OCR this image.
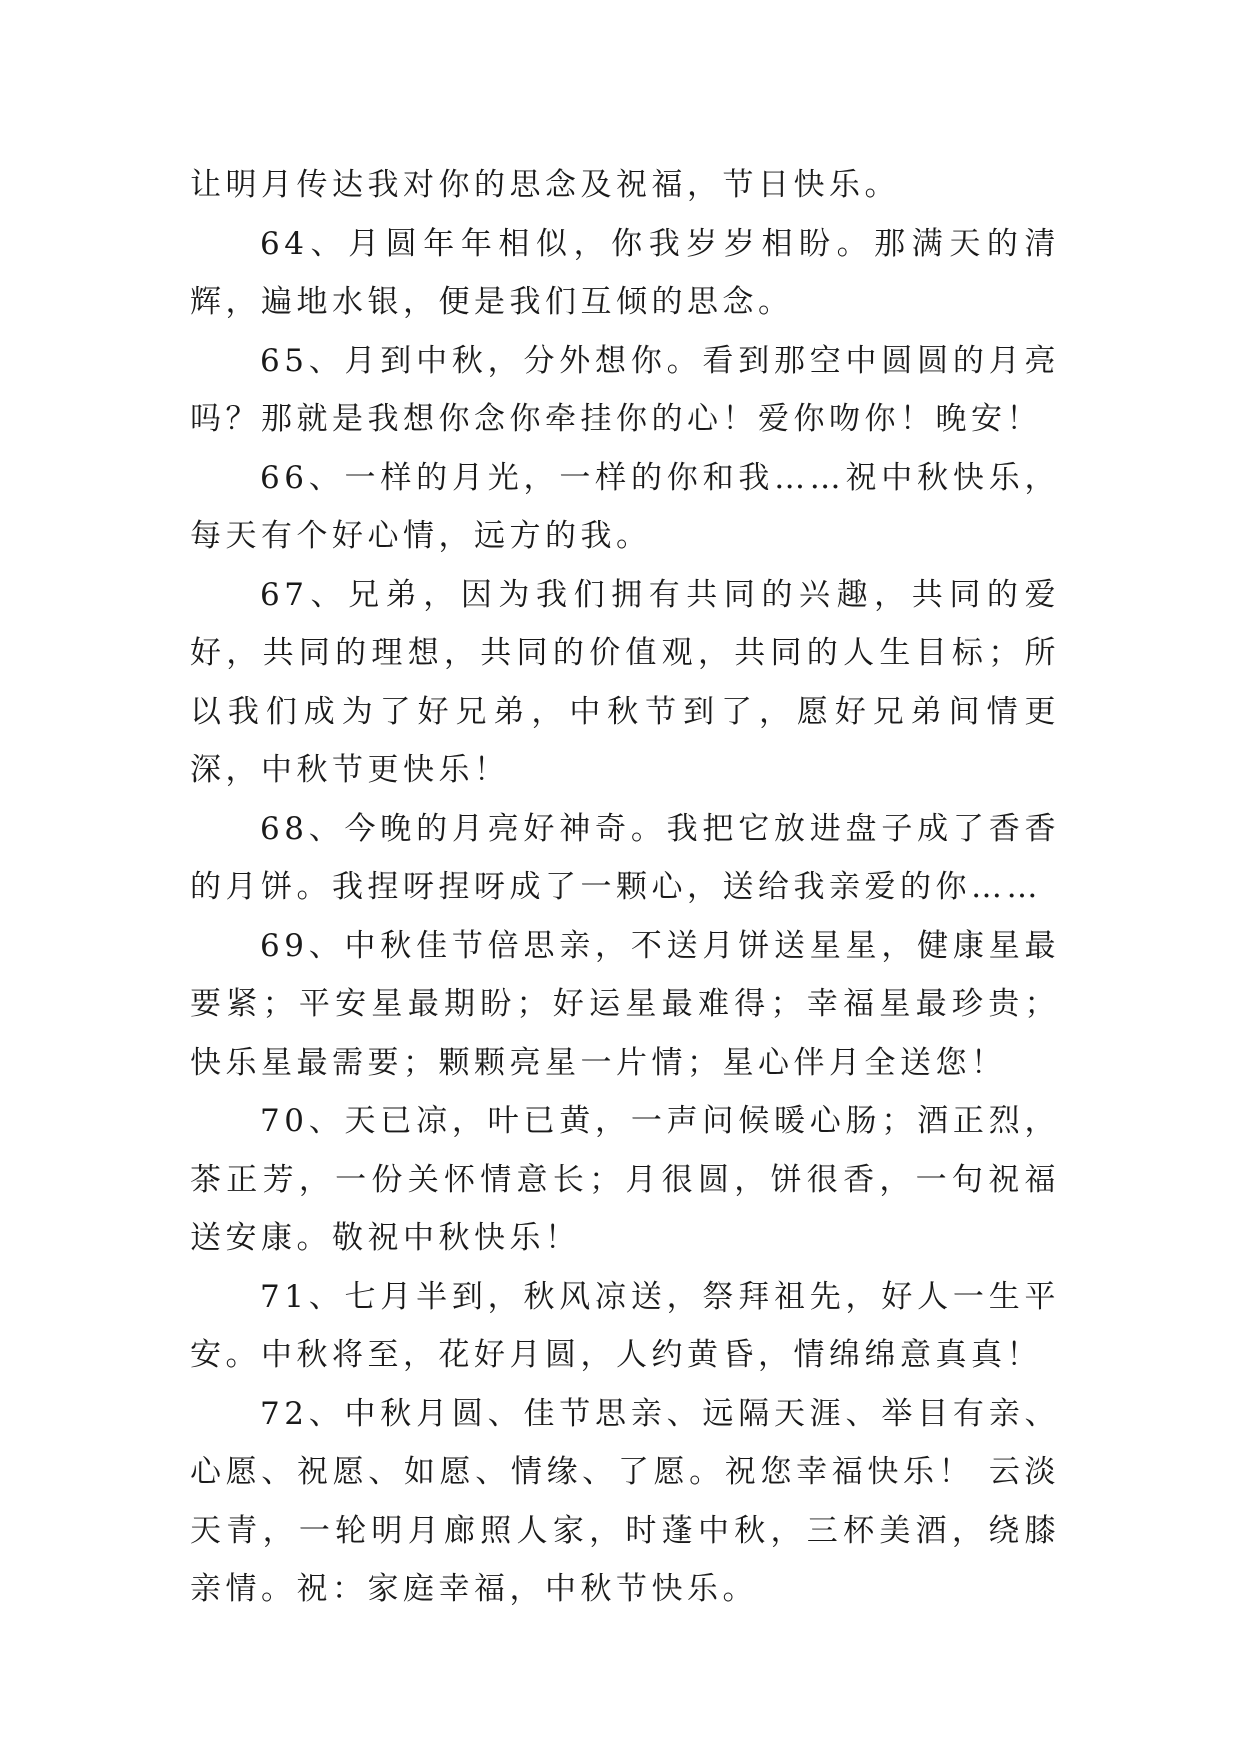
让明月传达我对你的思念及祝福，节日快乐。

64、月圆年年相似，你我岁岁相盼。那满天的清辉，遍地水银，便是我们互倾的思念。

65、月到中秋，分外想你。看到那空中圆圆的月亮吗？那就是我想你念你牵挂你的心！爱你吻你！晚安！

66、一样的月光，一样的你和我……祝中秋快乐，每天有个好心情，远方的我。

67、兄弟，因为我们拥有共同的兴趣，共同的爱好，共同的理想，共同的价值观，共同的人生目标；所以我们成为了好兄弟，中秋节到了，愿好兄弟间情更深，中秋节更快乐！

68、今晚的月亮好神奇。我把它放进盘子成了香香的月饼。我捏呀捏呀成了一颗心，送给我亲爱的你……

69、中秋佳节倍思亲，不送月饼送星星，健康星最要紧；平安星最期盼；好运星最难得；幸福星最珍贵；快乐星最需要；颗颗亮星一片情；星心伴月全送您！

70、天已凉，叶已黄，一声问候暖心肠；酒正烈，茶正芳，一份关怀情意长；月很圆，饼很香，一句祝福送安康。敬祝中秋快乐！

71、七月半到，秋风凉送，祭拜祖先，好人一生平安。中秋将至，花好月圆，人约黄昏，情绵绵意真真！

72、中秋月圆、佳节思亲、远隔天涯、举目有亲、心愿、祝愿、如愿、情缘、了愿。祝您幸福快乐！ 云淡天青，一轮明月廊照人家，时蓬中秋，三杯美酒，绕膝亲情。祝：家庭幸福，中秋节快乐。
